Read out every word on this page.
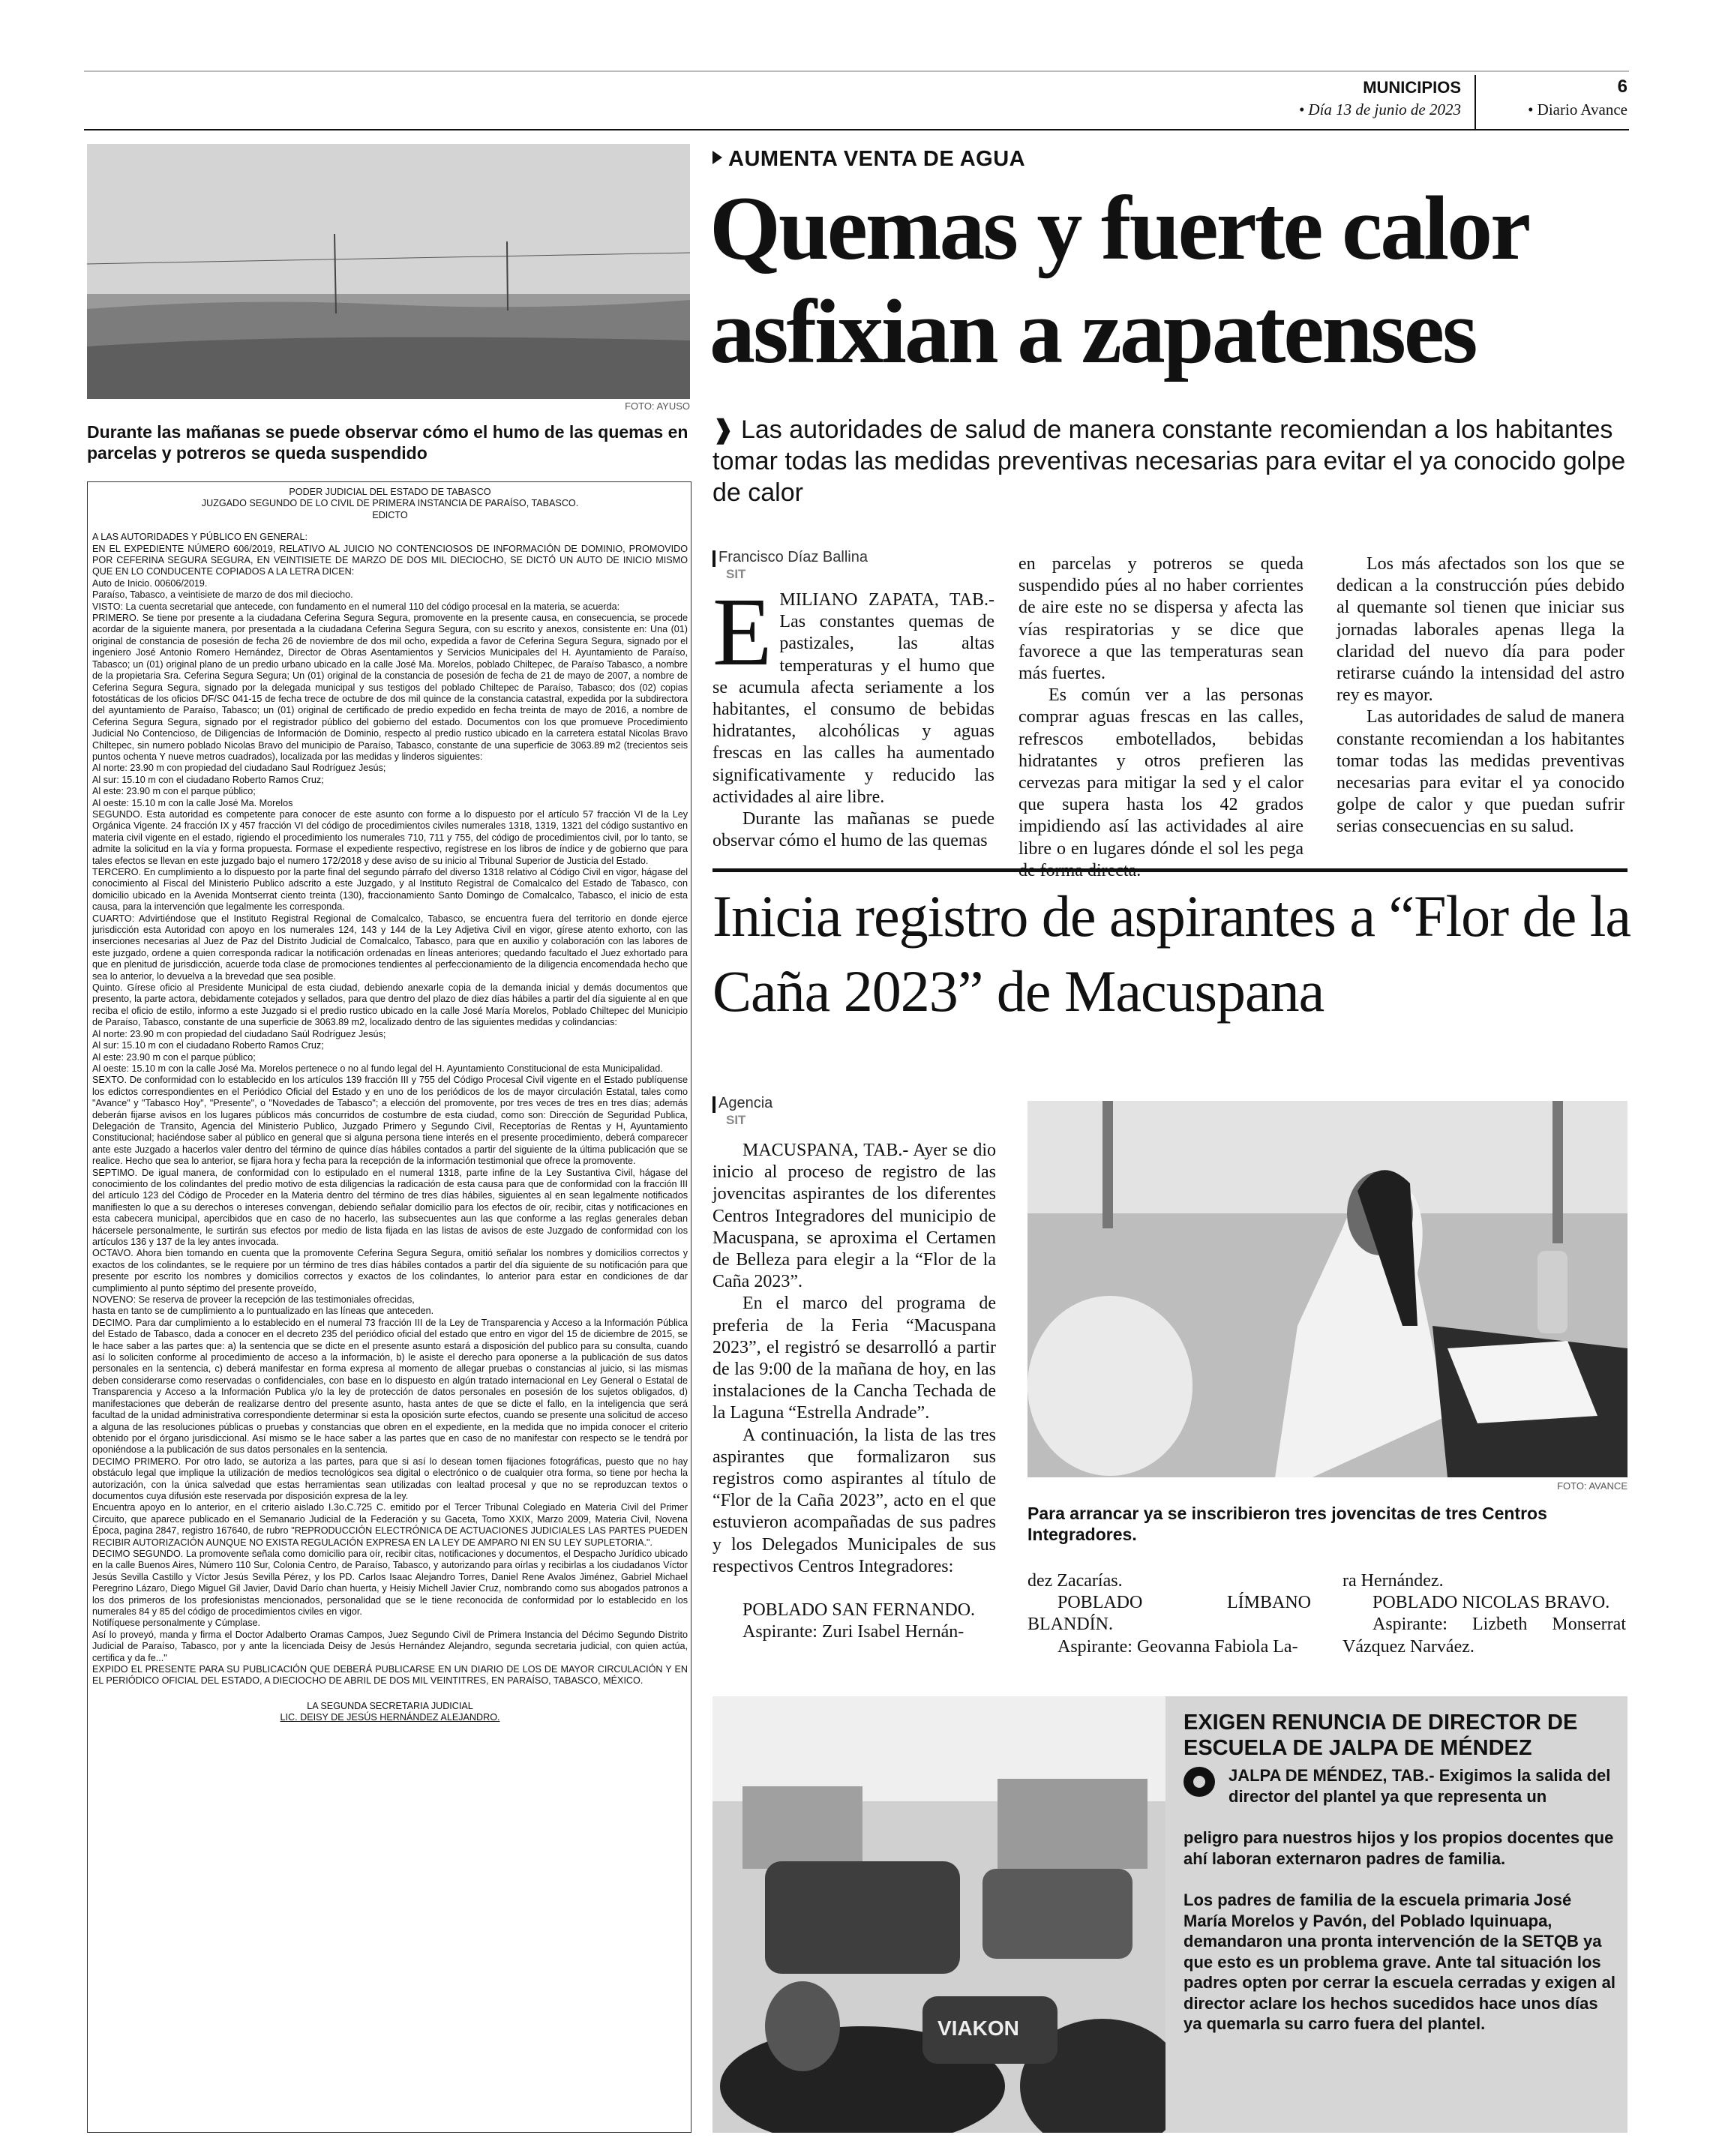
MUNICIPIOS
• Día 13 de junio de 2023
6
• Diario Avance
FOTO: AYUSO
Durante las mañanas se puede observar cómo el humo de las quemas en parcelas y potreros se queda suspendido
PODER JUDICIAL DEL ESTADO DE TABASCO
JUZGADO SEGUNDO DE LO CIVIL DE PRIMERA INSTANCIA DE PARAÍSO, TABASCO.
EDICTO

A LAS AUTORIDADES Y PÚBLICO EN GENERAL:

EN EL EXPEDIENTE NÚMERO 606/2019, RELATIVO AL JUICIO NO CONTENCIOSOS DE INFORMACIÓN DE DOMINIO, PROMOVIDO POR CEFERINA SEGURA SEGURA, EN VEINTISIETE DE MARZO DE DOS MIL DIECIOCHO, SE DICTÓ UN AUTO DE INICIO MISMO QUE EN LO CONDUCENTE COPIADOS A LA LETRA DICEN:

Auto de Inicio. 00606/2019.

Paraíso, Tabasco, a veintisiete de marzo de dos mil dieciocho.

VISTO: La cuenta secretarial que antecede, con fundamento en el numeral 110 del código procesal en la materia, se acuerda:

PRIMERO. Se tiene por presente a la ciudadana Ceferina Segura Segura, promovente en la presente causa, en consecuencia, se procede acordar de la siguiente manera, por presentada a la ciudadana Ceferina Segura Segura, con su escrito y anexos, consistente en: Una (01) original de constancia de posesión de fecha 26 de noviembre de dos mil ocho, expedida a favor de Ceferina Segura Segura, signado por el ingeniero José Antonio Romero Hernández, Director de Obras Asentamientos y Servicios Municipales del H. Ayuntamiento de Paraíso, Tabasco; un (01) original plano de un predio urbano ubicado en la calle José Ma. Morelos, poblado Chiltepec, de Paraíso Tabasco, a nombre de la propietaria Sra. Ceferina Segura Segura; Un (01) original de la constancia de posesión de fecha de 21 de mayo de 2007, a nombre de Ceferina Segura Segura, signado por la delegada municipal y sus testigos del poblado Chiltepec de Paraíso, Tabasco; dos (02) copias fotostáticas de los oficios DF/SC 041-15 de fecha trece de octubre de dos mil quince de la constancia catastral, expedida por la subdirectora del ayuntamiento de Paraíso, Tabasco; un (01) original de certificado de predio expedido en fecha treinta de mayo de 2016, a nombre de Ceferina Segura Segura, signado por el registrador público del gobierno del estado. Documentos con los que promueve Procedimiento Judicial No Contencioso, de Diligencias de Información de Dominio, respecto al predio rustico ubicado en la carretera estatal Nicolas Bravo Chiltepec, sin numero poblado Nicolas Bravo del municipio de Paraíso, Tabasco, constante de una superficie de 3063.89 m2 (trecientos seis puntos ochenta Y nueve metros cuadrados), localizada por las medidas y linderos siguientes:

Al norte: 23.90 m con propiedad del ciudadano Saul Rodríguez Jesús;

Al sur: 15.10 m con el ciudadano Roberto Ramos Cruz;

Al este: 23.90 m con el parque público;

Al oeste: 15.10 m con la calle José Ma. Morelos

SEGUNDO. Esta autoridad es competente para conocer de este asunto con forme a lo dispuesto por el artículo 57 fracción VI de la Ley Orgánica Vigente. 24 fracción IX y 457 fracción VI del código de procedimientos civiles numerales 1318, 1319, 1321 del código sustantivo en materia civil vigente en el estado, rigiendo el procedimiento los numerales 710, 711 y 755, del código de procedimientos civil, por lo tanto, se admite la solicitud en la vía y forma propuesta. Formase el expediente respectivo, regístrese en los libros de índice y de gobierno que para tales efectos se llevan en este juzgado bajo el numero 172/2018 y dese aviso de su inicio al Tribunal Superior de Justicia del Estado.

TERCERO. En cumplimiento a lo dispuesto por la parte final del segundo párrafo del diverso 1318 relativo al Código Civil en vigor, hágase del conocimiento al Fiscal del Ministerio Publico adscrito a este Juzgado, y al Instituto Registral de Comalcalco del Estado de Tabasco, con domicilio ubicado en la Avenida Montserrat ciento treinta (130), fraccionamiento Santo Domingo de Comalcalco, Tabasco, el inicio de esta causa, para la intervención que legalmente les corresponda.

CUARTO: Advirtiéndose que el Instituto Registral Regional de Comalcalco, Tabasco, se encuentra fuera del territorio en donde ejerce jurisdicción esta Autoridad con apoyo en los numerales 124, 143 y 144 de la Ley Adjetiva Civil en vigor, gírese atento exhorto, con las inserciones necesarias al Juez de Paz del Distrito Judicial de Comalcalco, Tabasco, para que en auxilio y colaboración con las labores de este juzgado, ordene a quien corresponda radicar la notificación ordenadas en líneas anteriores; quedando facultado el Juez exhortado para que en plenitud de jurisdicción, acuerde toda clase de promociones tendientes al perfeccionamiento de la diligencia encomendada hecho que sea lo anterior, lo devuelva a la brevedad que sea posible.

Quinto. Gírese oficio al Presidente Municipal de esta ciudad, debiendo anexarle copia de la demanda inicial y demás documentos que presento, la parte actora, debidamente cotejados y sellados, para que dentro del plazo de diez días hábiles a partir del día siguiente al en que reciba el oficio de estilo, informo a este Juzgado si el predio rustico ubicado en la calle José María Morelos, Poblado Chiltepec del Municipio de Paraíso, Tabasco, constante de una superficie de 3063.89 m2, localizado dentro de las siguientes medidas y colindancias:

Al norte: 23.90 m con propiedad del ciudadano Saúl Rodríguez Jesús;

Al sur: 15.10 m con el ciudadano Roberto Ramos Cruz;

Al este: 23.90 m con el parque público;

Al oeste: 15.10 m con la calle José Ma. Morelos pertenece o no al fundo legal del H. Ayuntamiento Constitucional de esta Municipalidad.

SEXTO. De conformidad con lo establecido en los artículos 139 fracción III y 755 del Código Procesal Civil vigente en el Estado publíquense los edictos correspondientes en el Periódico Oficial del Estado y en uno de los periódicos de los de mayor circulación Estatal, tales como "Avance" y "Tabasco Hoy", "Presente", o "Novedades de Tabasco"; a elección del promovente, por tres veces de tres en tres días; además deberán fijarse avisos en los lugares públicos más concurridos de costumbre de esta ciudad, como son: Dirección de Seguridad Publica, Delegación de Transito, Agencia del Ministerio Publico, Juzgado Primero y Segundo Civil, Receptorías de Rentas y H, Ayuntamiento Constitucional; haciéndose saber al público en general que si alguna persona tiene interés en el presente procedimiento, deberá comparecer ante este Juzgado a hacerlos valer dentro del término de quince días hábiles contados a partir del siguiente de la última publicación que se realice. Hecho que sea lo anterior, se fijara hora y fecha para la recepción de la información testimonial que ofrece la promovente.

SEPTIMO. De igual manera, de conformidad con lo estipulado en el numeral 1318, parte infine de la Ley Sustantiva Civil, hágase del conocimiento de los colindantes del predio motivo de esta diligencias la radicación de esta causa para que de conformidad con la fracción III del artículo 123 del Código de Proceder en la Materia dentro del término de tres días hábiles, siguientes al en sean legalmente notificados manifiesten lo que a su derechos o intereses convengan, debiendo señalar domicilio para los efectos de oír, recibir, citas y notificaciones en esta cabecera municipal, apercibidos que en caso de no hacerlo, las subsecuentes aun las que conforme a las reglas generales deban hácersele personalmente, le surtirán sus efectos por medio de lista fijada en las listas de avisos de este Juzgado de conformidad con los artículos 136 y 137 de la ley antes invocada.

OCTAVO. Ahora bien tomando en cuenta que la promovente Ceferina Segura Segura, omitió señalar los nombres y domicilios correctos y exactos de los colindantes, se le requiere por un término de tres días hábiles contados a partir del día siguiente de su notificación para que presente por escrito los nombres y domicilios correctos y exactos de los colindantes, lo anterior para estar en condiciones de dar cumplimiento al punto séptimo del presente proveído,

NOVENO: Se reserva de proveer la recepción de las testimoniales ofrecidas,

hasta en tanto se de cumplimiento a lo puntualizado en las líneas que anteceden.

DECIMO. Para dar cumplimiento a lo establecido en el numeral 73 fracción III de la Ley de Transparencia y Acceso a la Información Pública del Estado de Tabasco, dada a conocer en el decreto 235 del periódico oficial del estado que entro en vigor del 15 de diciembre de 2015, se le hace saber a las partes que: a) la sentencia que se dicte en el presente asunto estará a disposición del publico para su consulta, cuando así lo soliciten conforme al procedimiento de acceso a la información, b) le asiste el derecho para oponerse a la publicación de sus datos personales en la sentencia, c) deberá manifestar en forma expresa al momento de allegar pruebas o constancias al juicio, si las mismas deben considerarse como reservadas o confidenciales, con base en lo dispuesto en algún tratado internacional en Ley General o Estatal de Transparencia y Acceso a la Información Publica y/o la ley de protección de datos personales en posesión de los sujetos obligados, d) manifestaciones que deberán de realizarse dentro del presente asunto, hasta antes de que se dicte el fallo, en la inteligencia que será facultad de la unidad administrativa correspondiente determinar si esta la oposición surte efectos, cuando se presente una solicitud de acceso a alguna de las resoluciones públicas o pruebas y constancias que obren en el expediente, en la medida que no impida conocer el criterio obtenido por el órgano jurisdiccional. Así mismo se le hace saber a las partes que en caso de no manifestar con respecto se le tendrá por oponiéndose a la publicación de sus datos personales en la sentencia.

DECIMO PRIMERO. Por otro lado, se autoriza a las partes, para que si así lo desean tomen fijaciones fotográficas, puesto que no hay obstáculo legal que implique la utilización de medios tecnológicos sea digital o electrónico o de cualquier otra forma, so tiene por hecha la autorización, con la única salvedad que estas herramientas sean utilizadas con lealtad procesal y que no se reproduzcan textos o documentos cuya difusión este reservada por disposición expresa de la ley.

Encuentra apoyo en lo anterior, en el criterio aislado I.3o.C.725 C. emitido por el Tercer Tribunal Colegiado en Materia Civil del Primer Circuito, que aparece publicado en el Semanario Judicial de la Federación y su Gaceta, Tomo XXIX, Marzo 2009, Materia Civil, Novena Época, pagina 2847, registro 167640, de rubro "REPRODUCCIÓN ELECTRÓNICA DE ACTUACIONES JUDICIALES LAS PARTES PUEDEN RECIBIR AUTORIZACIÓN AUNQUE NO EXISTA REGULACIÓN EXPRESA EN LA LEY DE AMPARO NI EN SU LEY SUPLETORIA.".

DECIMO SEGUNDO. La promovente señala como domicilio para oír, recibir citas, notificaciones y documentos, el Despacho Jurídico ubicado en la calle Buenos Aires, Número 110 Sur, Colonia Centro, de Paraíso, Tabasco, y autorizando para oírlas y recibirlas a los ciudadanos Víctor Jesús Sevilla Castillo y Víctor Jesús Sevilla Pérez, y los PD. Carlos Isaac Alejandro Torres, Daniel Rene Avalos Jiménez, Gabriel Michael Peregrino Lázaro, Diego Miguel Gil Javier, David Darío chan huerta, y Heisiy Michell Javier Cruz, nombrando como sus abogados patronos a los dos primeros de los profesionistas mencionados, personalidad que se le tiene reconocida de conformidad por lo establecido en los numerales 84 y 85 del código de procedimientos civiles en vigor.

Notifíquese personalmente y Cúmplase.

Así lo proveyó, manda y firma el Doctor Adalberto Oramas Campos, Juez Segundo Civil de Primera Instancia del Décimo Segundo Distrito Judicial de Paraíso, Tabasco, por y ante la licenciada Deisy de Jesús Hernández Alejandro, segunda secretaria judicial, con quien actúa, certifica y da fe..."

EXPIDO EL PRESENTE PARA SU PUBLICACIÓN QUE DEBERÁ PUBLICARSE EN UN DIARIO DE LOS DE MAYOR CIRCULACIÓN Y EN EL PERIÓDICO OFICIAL DEL ESTADO, A DIECIOCHO DE ABRIL DE DOS MIL VEINTITRES, EN PARAÍSO, TABASCO, MÉXICO.

LA SEGUNDA SECRETARIA JUDICIAL
LIC. DEISY DE JESÚS HERNÁNDEZ ALEJANDRO.
AUMENTA VENTA DE AGUA
Quemas y fuerte calor asfixian a zapatenses
❱ Las autoridades de salud de manera constante recomiendan a los habitantes tomar todas las medidas preventivas necesarias para evitar el ya conocido golpe de calor
Francisco Díaz Ballina
SIT
E MILIANO ZAPATA, TAB.- Las constantes quemas de pastizales, las altas temperaturas y el humo que se acumula afecta seriamente a los habitantes, el consumo de bebidas hidratantes, alcohólicas y aguas frescas en las calles ha aumentado significativamente y reducido las actividades al aire libre.

Durante las mañanas se puede observar cómo el humo de las quemas

en parcelas y potreros se queda suspendido púes al no haber corrientes de aire este no se dispersa y afecta las vías respiratorias y se dice que favorece a que las temperaturas sean más fuertes.

Es común ver a las personas comprar aguas frescas en las calles, refrescos embotellados, bebidas hidratantes y otros prefieren las cervezas para mitigar la sed y el calor que supera hasta los 42 grados impidiendo así las actividades al aire libre o en lugares dónde el sol les pega

Los más afectados son los que se dedican a la construcción púes debido al quemante sol tienen que iniciar sus jornadas laborales apenas llega la claridad del nuevo día para poder retirarse cuándo la intensidad del astro rey es mayor.

Las autoridades de salud de manera constante recomiendan a los habitantes tomar todas las medidas preventivas necesarias para evitar el ya conocido golpe de calor y que puedan sufrir serias consecuencias en su salud.

Inicia registro de aspirantes a “Flor de la Caña 2023” de Macuspana
Agencia
SIT

MACUSPANA, TAB.- Ayer se dio inicio al proceso de registro de las jovencitas aspirantes de los diferentes Centros Integradores del municipio de Macuspana, se aproxima el Certamen de Belleza para elegir a la “Flor de la Caña 2023”.

En el marco del programa de preferia de la Feria “Macuspana 2023”, el registró se desarrolló a partir de las 9:00 de la mañana de hoy, en las instalaciones de la Cancha Techada de la Laguna “Estrella Andrade”.

A continuación, la lista de las tres aspirantes que formalizaron sus registros como aspirantes al título de “Flor de la Caña 2023”, acto en el que estuvieron acompañadas de sus padres y los Delegados Municipales de sus respectivos Centros Integradores:

POBLADO SAN FERNANDO.

Aspirante: Zuri Isabel Hernán-

FOTO: AVANCE
Para arrancar ya se inscribieron tres jovencitas de tres Centros Integradores.

dez Zacarías.

POBLADO LÍMBANO BLANDÍN.

Aspirante: Geovanna Fabiola La-

ra Hernández.

POBLADO NICOLAS BRAVO.

Aspirante: Lizbeth Monserrat Vázquez Narváez.

VIAKON
EXIGEN RENUNCIA DE DIRECTOR DE ESCUELA DE JALPA DE MÉNDEZ

JALPA DE MÉNDEZ, TAB.- Exigimos la salida del director del plantel ya que representa un

peligro para nuestros hijos y los propios docentes que ahí laboran externaron padres de familia.

Los padres de familia de la escuela primaria José María Morelos y Pavón, del Poblado Iquinuapa, demandaron una pronta intervención de la SETQB ya que esto es un problema grave. Ante tal situación los padres opten por cerrar la escuela cerradas y exigen al director aclare los hechos sucedidos hace unos días ya quemarla su carro fuera del plantel.
